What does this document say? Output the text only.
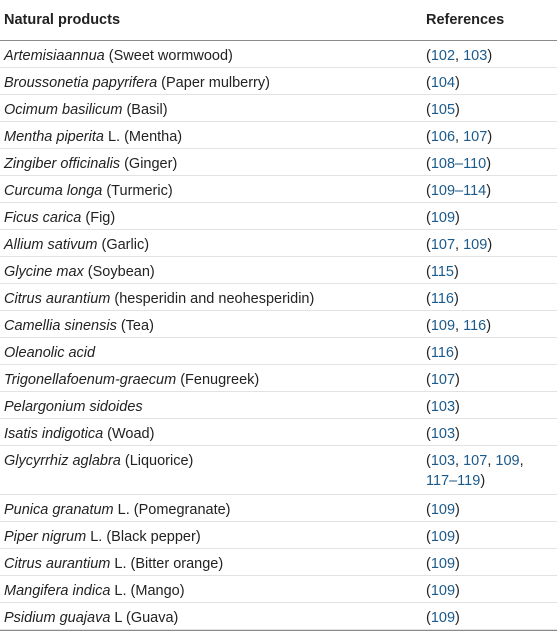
Natural products	References
Artemisiaannua (Sweet wormwood)	(102, 103)
Broussonetia papyrifera (Paper mulberry)	(104)
Ocimum basilicum (Basil)	(105)
Mentha piperita L. (Mentha)	(106, 107)
Zingiber officinalis (Ginger)	(108–110)
Curcuma longa (Turmeric)	(109–114)
Ficus carica (Fig)	(109)
Allium sativum (Garlic)	(107, 109)
Glycine max (Soybean)	(115)
Citrus aurantium (hesperidin and neohesperidin)	(116)
Camellia sinensis (Tea)	(109, 116)
Oleanolic acid	(116)
Trigonellafoenum-graecum (Fenugreek)	(107)
Pelargonium sidoides	(103)
Isatis indigotica (Woad)	(103)
Glycyrrhiz aglabra (Liquorice)	(103, 107, 109, 117–119)
Punica granatum L. (Pomegranate)	(109)
Piper nigrum L. (Black pepper)	(109)
Citrus aurantium L. (Bitter orange)	(109)
Mangifera indica L. (Mango)	(109)
Psidium guajava L (Guava)	(109)
